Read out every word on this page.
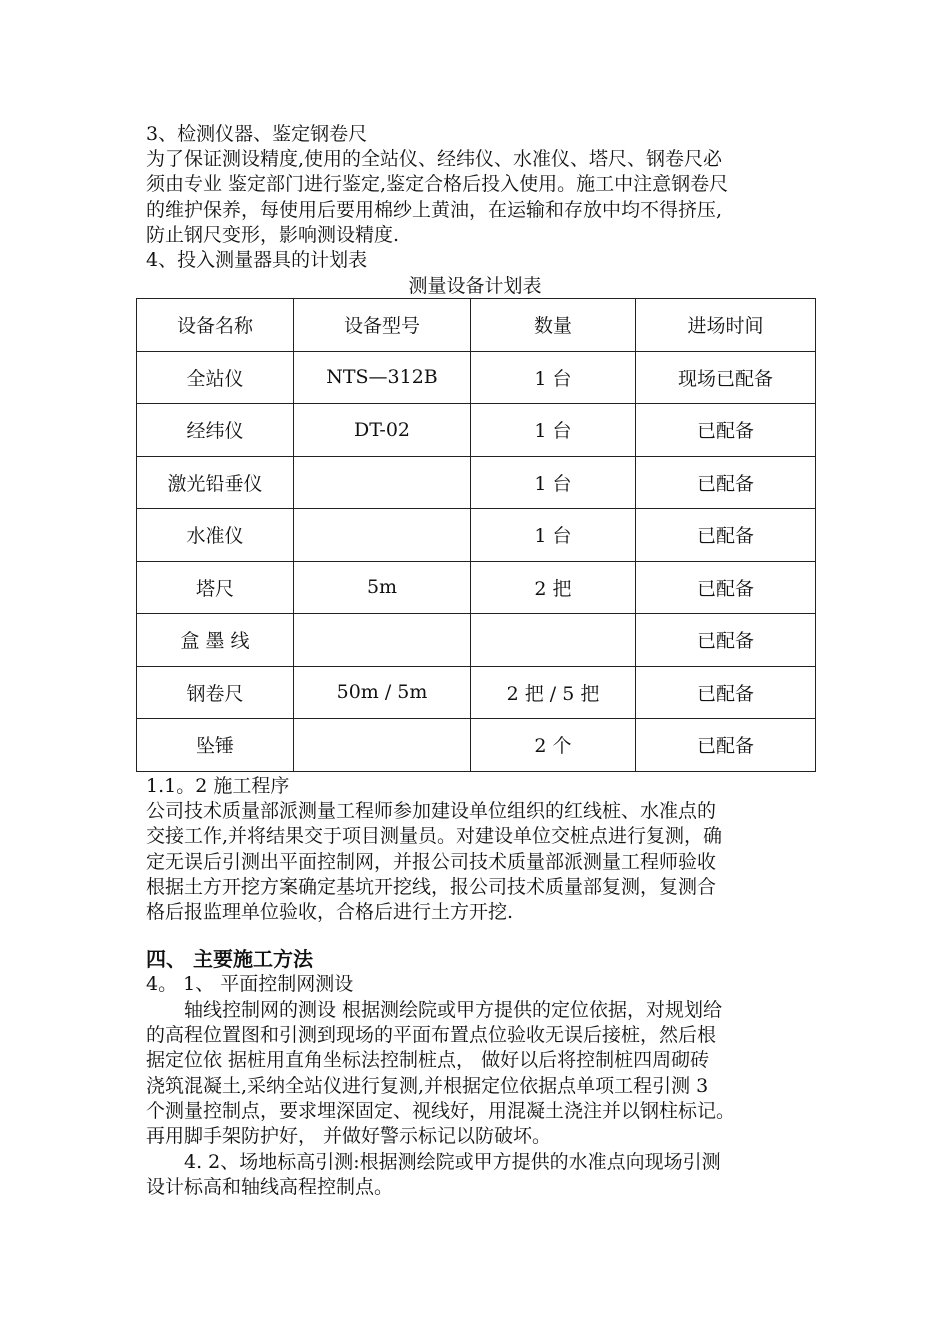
3、检测仪器、鉴定钢卷尺
为了保证测设精度,使用的全站仪、经纬仪、水准仪、塔尺、钢卷尺必
须由专业 鉴定部门进行鉴定,鉴定合格后投入使用。施工中注意钢卷尺
的维护保养，每使用后要用棉纱上黄油，在运输和存放中均不得挤压,
防止钢尺变形，影响测设精度.
4、投入测量器具的计划表
测量设备计划表
设备名称	设备型号	数量	进场时间
全站仪	NTS—312B	1 台	现场已配备
经纬仪	DT-02	1 台	已配备
激光铅垂仪		1 台	已配备
水准仪		1 台	已配备
塔尺	5m	2 把	已配备
盒 墨 线			已配备
钢卷尺	50m / 5m	2 把 / 5 把	已配备
坠锤		2 个	已配备
1.1。2 施工程序
公司技术质量部派测量工程师参加建设单位组织的红线桩、水准点的
交接工作,并将结果交于项目测量员。对建设单位交桩点进行复测，确
定无误后引测出平面控制网，并报公司技术质量部派测量工程师验收
根据土方开挖方案确定基坑开挖线，报公司技术质量部复测，复测合
格后报监理单位验收，合格后进行土方开挖.
四、 主要施工方法
4。 1、 平面控制网测设
轴线控制网的测设 根据测绘院或甲方提供的定位依据，对规划给
的高程位置图和引测到现场的平面布置点位验收无误后接桩，然后根
据定位依 据桩用直角坐标法控制桩点， 做好以后将控制桩四周砌砖
浇筑混凝土,采纳全站仪进行复测,并根据定位依据点单项工程引测 3
个测量控制点，要求埋深固定、视线好，用混凝土浇注并以钢柱标记。
再用脚手架防护好， 并做好警示标记以防破坏。
4. 2、场地标高引测:根据测绘院或甲方提供的水准点向现场引测
设计标高和轴线高程控制点。
